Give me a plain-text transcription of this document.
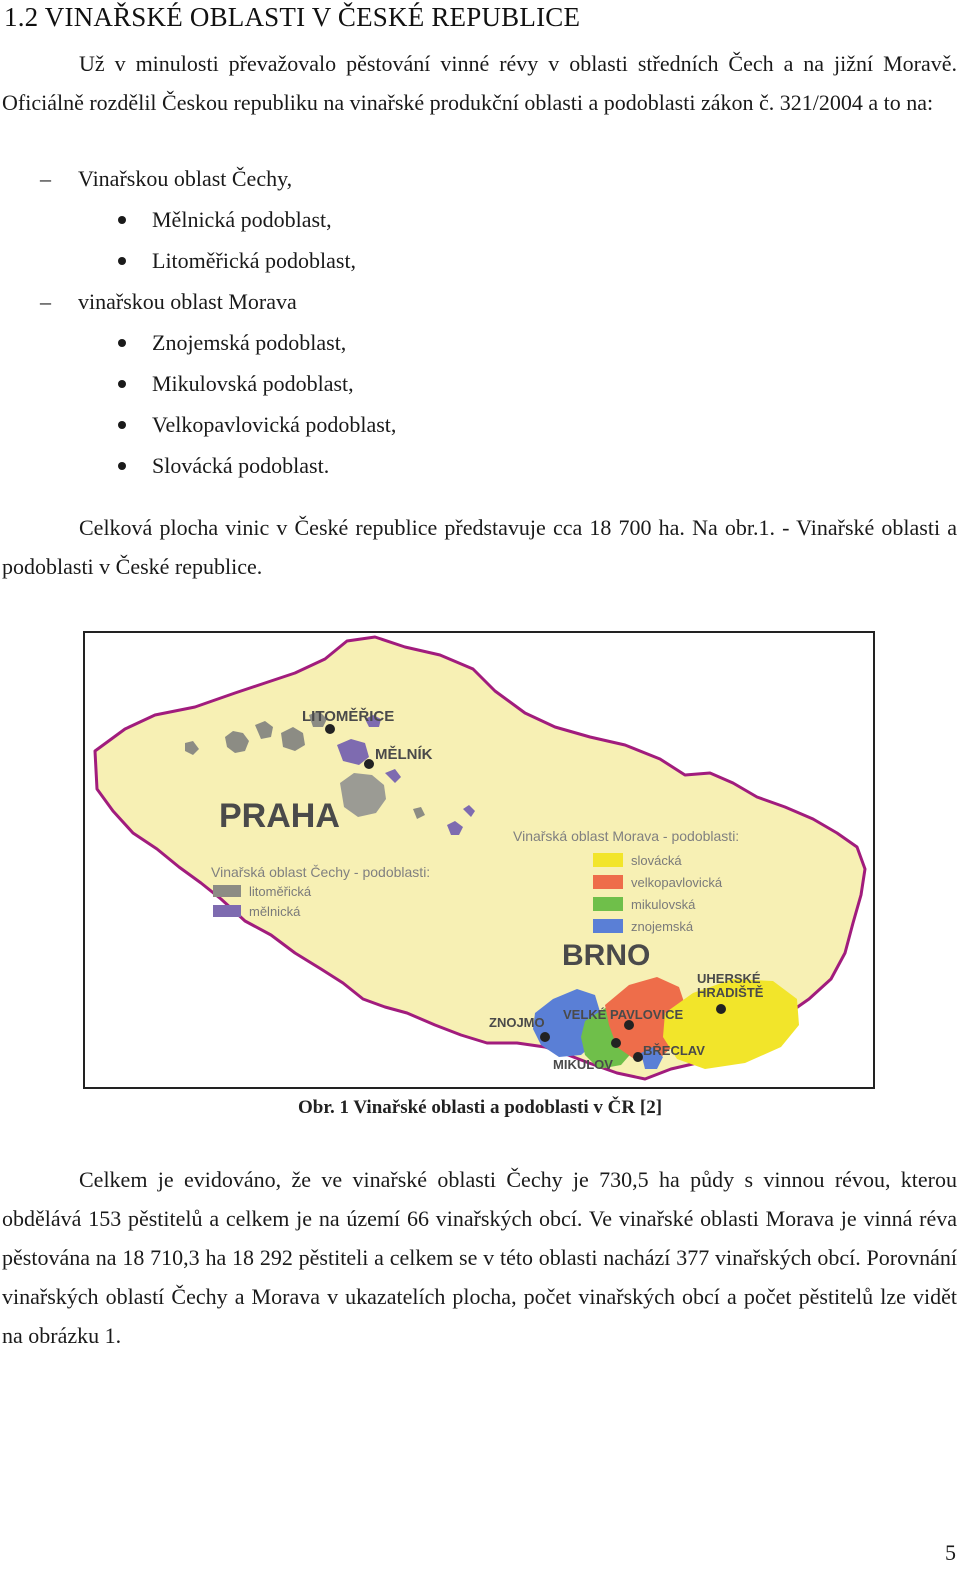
1.2 VINAŘSKÉ OBLASTI V ČESKÉ REPUBLICE

Už v minulosti převažovalo pěstování vinné révy v oblasti středních Čech a na jižní Moravě. Oficiálně rozdělil Českou republiku na vinařské produkční oblasti a podoblasti zákon č. 321/2004 a to na:

– Vinařskou oblast Čechy,
Mělnická podoblast,
Litoměřická podoblast,
– vinařskou oblast Morava
Znojemská podoblast,
Mikulovská podoblast,
Velkopavlovická podoblast,
Slovácká podoblast.

Celková plocha vinic v České republice představuje cca 18 700 ha. Na obr.1. - Vinařské oblasti a podoblasti v České republice.

LITOMĚŘICE
MĚLNÍK
PRAHA
BRNO
ZNOJMO
VELKÉ PAVLOVICE
MIKULOV
BŘECLAV
UHERSKÉ
HRADIŠTĚ
Vinařská oblast Čechy - podoblasti:
litoměřická
mělnická
Vinařská oblast Morava - podoblasti:
slovácká
velkopavlovická
mikulovská
znojemská
Obr. 1 Vinařské oblasti a podoblasti v ČR [2]

Celkem je evidováno, že ve vinařské oblasti Čechy je 730,5 ha půdy s vinnou révou, kterou obdělává 153 pěstitelů a celkem je na území 66 vinařských obcí. Ve vinařské oblasti Morava je vinná réva pěstována na 18 710,3 ha 18 292 pěstiteli a celkem se v této oblasti nachází 377 vinařských obcí. Porovnání vinařských oblastí Čechy a Morava v ukazatelích plocha, počet vinařských obcí a počet pěstitelů lze vidět na obrázku 1.

5
